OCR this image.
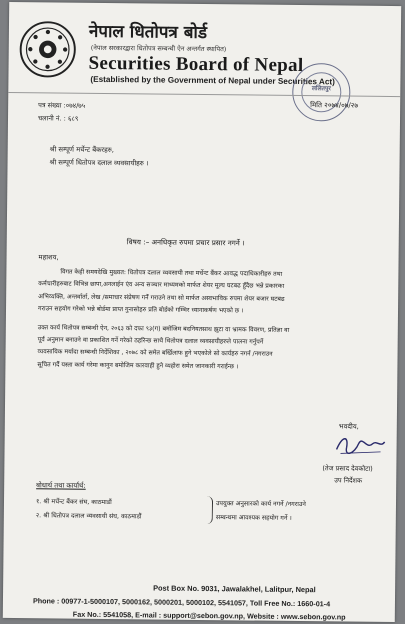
नेपाल धितोपत्र बोर्ड
(नेपाल सरकारद्वारा धितोपत्र सम्बन्धी ऐन अन्तर्गत स्थापित)
Securities Board of Nepal
(Established by the Government of Nepal under Securities Act)
ललितपुर
पत्र संख्या :०७४/७५
चलानी नं. : ६८९
मिति २०७४/०७/२७
श्री सम्पूर्ण मर्चेन्ट बैंकरहरु,
श्री सम्पूर्ण धितोपत्र दलाल व्यवसायीहरु ।
विषय :– अनधिकृत रुपमा प्रचार प्रसार नगर्ने ।
महाशय,
विगत केही समयदेखि मुख्यत: धितोपत्र दलाल व्यवसायी तथा मर्चेन्ट बैंकर आवद्ध पदाधिकारीहरु तथा
कर्मचारीहरुबाट विभिन्न छापा,अनलाईन एंव अन्य सञ्चार माध्यमको मार्फत शेयर मूल्य घटबढ हुँदैछ भन्ने प्रकारका
अभिव्यक्ति, अन्तर्वार्ता, लेख /समाचार संप्रेषण गर्ने गराउने तथा सो मार्फत अस्वभाविक रुपमा शेयर बजार घटबढ
गराउन सहयोग गरेको भन्ने बोर्डमा प्राप्त गुनासोहरु प्रति बोर्डको गम्भिर ध्यानाकर्षण भएको छ ।
उक्त कार्य धितोपत्र सम्बन्धी ऐन, २०६३ को दफा ९३(ग) बमोजिम बदनियतसाथ झुटा वा भ्रामक विवरण, प्रतिज्ञा वा
पूर्व अनुमान बनाउने वा प्रकाशित गर्ने गरेको ठहरिन्छ साथै धितोपत्र दलाल व्यवसायीहरुले पालना गर्नुपर्ने
व्यवसायिक मर्यादा सम्बन्धी निर्देशिका , २०७८ को समेत बर्खिलाफ हुने भएकोले सो कार्यहरु नगर्न /नगराउन
सूचित गर्दै यस्ता कार्य गरेमा कानुन बमोजिम कारवाही हुने व्यहोरा समेत जानकारी गराईन्छ ।
भवदीय,
(तेज प्रसाद देवकोटा)
उप निर्देशक
बोधार्थ तथा कार्यार्थ:
१. श्री मर्चेन्ट बैंकर संघ, काठमाडौं
२. श्री धितोपत्र दलाल व्यवसायी संघ, काठमाडौं
उपयुक्त अनुसारको कार्य नगर्ने /नगराउने
सम्बन्धमा आवश्यक सहयोग गर्ने ।
Post Box No. 9031, Jawalakhel, Lalitpur, Nepal
Phone : 00977-1-5000107, 5000162, 5000201, 5000102, 5541057, Toll Free No.: 1660-01-4
Fax No.: 5541058, E-mail : support@sebon.gov.np, Website : www.sebon.gov.np
